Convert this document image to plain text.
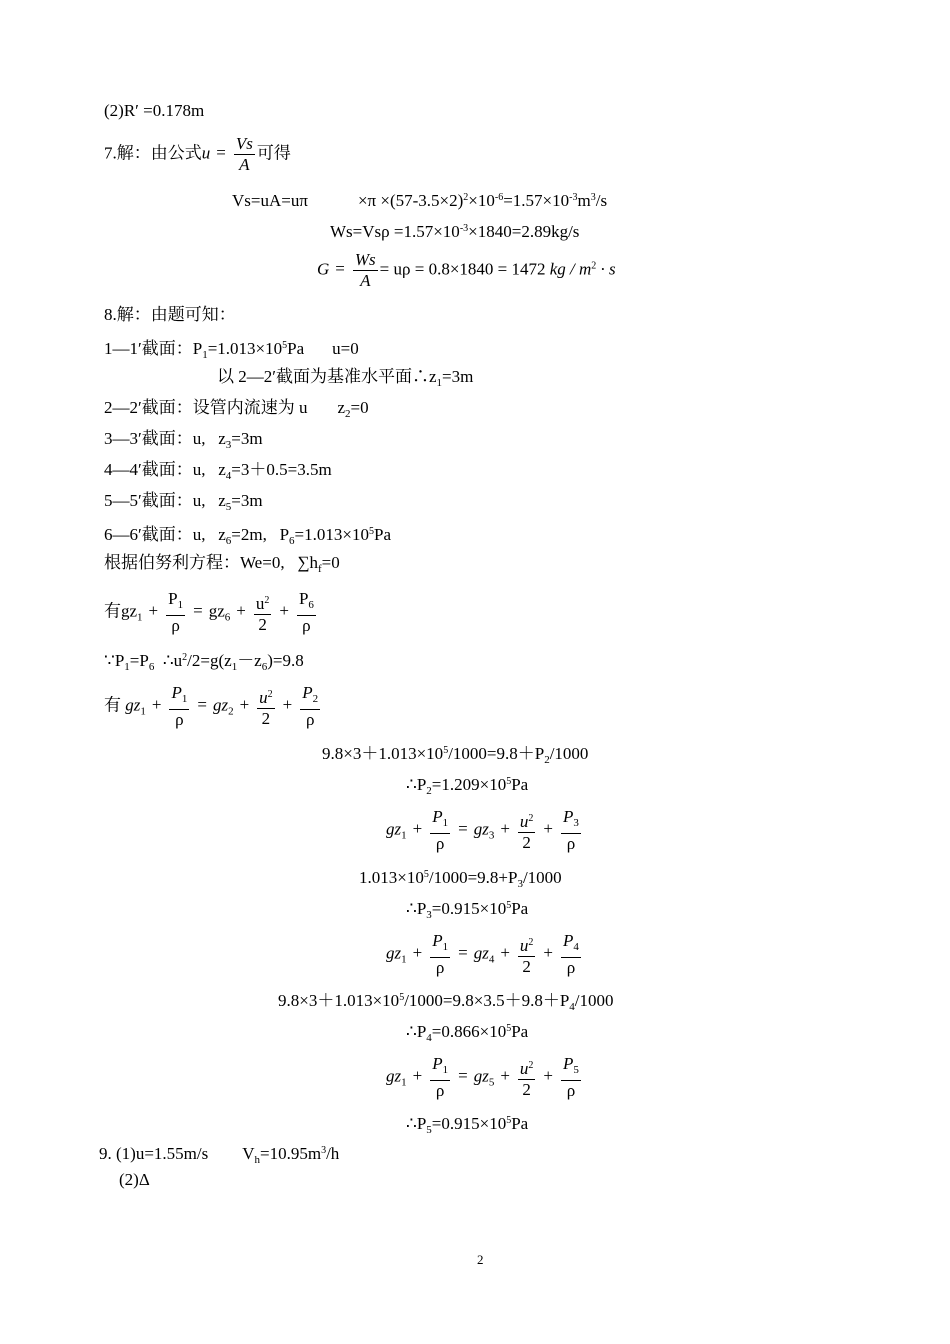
(2)R′ =0.178m
7.解：由公式$u = \frac{Vs}{A}$ 可得
Vs=uA=uπ	$\times\pi \times(57-3.5\times 2)^2\times 10^{-6}=1.57\times 10^{-3}m^3/s$
$Ws=Vs\rho =1.57\times 10^{-3}\times 1840=2.89kg/s$
$G = \frac{Ws}{A} = u\rho = 0.8\times 1840 = 1472$ kg / $m^2 \cdot s$
8.解：由题可知：
1—1′截面：$P_1=1.013\times 10^5Pa$ u=0
以 2—2′截面为基准水平面$\therefore z_1=3m$
2—2′截面：设管内流速为 u $z_2=0$
3—3′截面：u, $z_3=3m$
4—4′截面：u, $z_4=3+0.5=3.5m$
5—5′截面：u, $z_5=3m$
6—6′截面：u, $z_6=2m$, $P_6=1.013\times 10^5Pa$
根据伯努利方程：We=0, $\sum h_f=0$
有$gz_1 + \frac{P_1}{\rho} = gz_6 + \frac{u^2}{2} + \frac{P_6}{\rho}$
$\because P_1=P_6$ $\therefore u^2/2=g(z_1-z_6)=9.8$
有 $gz_1 + \frac{P_1}{\rho} = gz_2 + \frac{u^2}{2} + \frac{P_2}{\rho}$
$9.8\times 3+1.013\times 10^5/1000=9.8+P_2/1000$
$\therefore P_2=1.209\times 10^5Pa$
$gz_1 + \frac{P_1}{\rho} = gz_3 + \frac{u^2}{2} + \frac{P_3}{\rho}$
$1.013\times 10^5/1000=9.8+P_3/1000$
$\therefore P_3=0.915\times 10^5Pa$
$gz_1 + \frac{P_1}{\rho} = gz_4 + \frac{u^2}{2} + \frac{P_4}{\rho}$
$9.8\times 3+1.013\times 10^5/1000=9.8\times 3.5+9.8+P_4/1000$
$\therefore P_4=0.866\times 10^5Pa$
$gz_1 + \frac{P_1}{\rho} = gz_5 + \frac{u^2}{2} + \frac{P_5}{\rho}$
$\therefore P_5=0.915\times 10^5Pa$
9. (1)u=1.55m/s $V_h=10.95m^3/h$
(2)Δ
2
